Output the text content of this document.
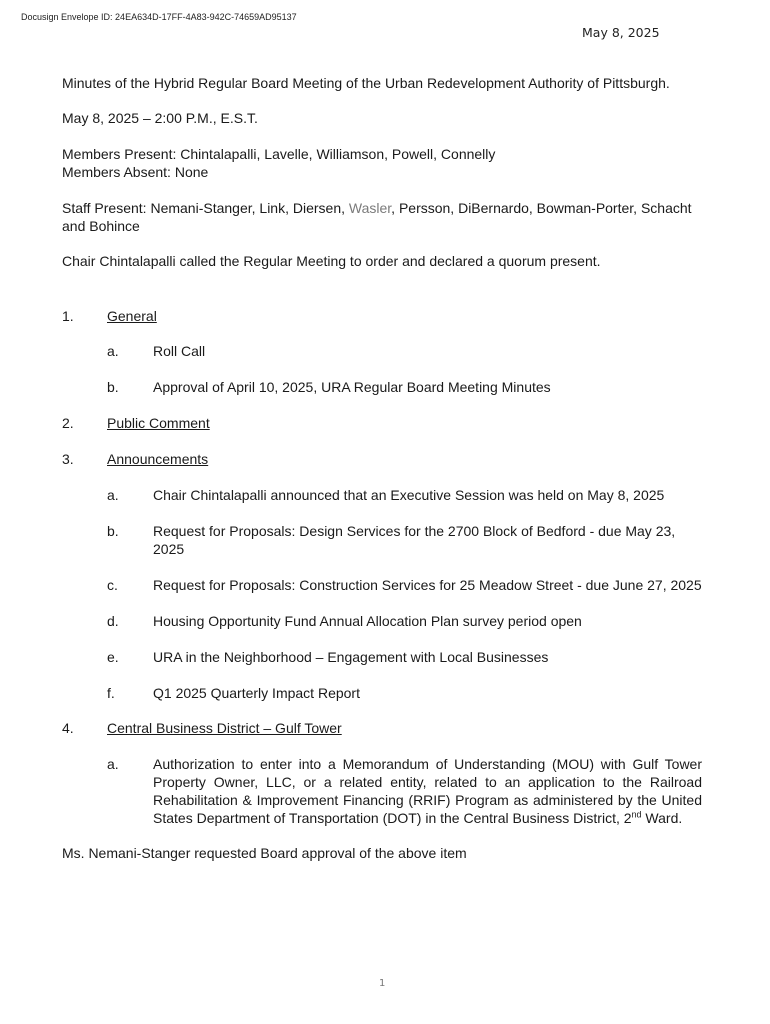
Docusign Envelope ID: 24EA634D-17FF-4A83-942C-74659AD95137
May 8, 2025

Minutes of the Hybrid Regular Board Meeting of the Urban Redevelopment Authority of Pittsburgh.

May 8, 2025 – 2:00 P.M., E.S.T.

Members Present: Chintalapalli, Lavelle, Williamson, Powell, Connelly

Members Absent: None

Staff Present: Nemani-Stanger, Link, Diersen, Wasler, Persson, DiBernardo, Bowman-Porter, Schacht and Bohince

Chair Chintalapalli called the Regular Meeting to order and declared a quorum present.

1.	General
a. Roll Call
b. Approval of April 10, 2025, URA Regular Board Meeting Minutes
2.	Public Comment
3.	Announcements
a. Chair Chintalapalli announced that an Executive Session was held on May 8, 2025
b. Request for Proposals: Design Services for the 2700 Block of Bedford - due May 23, 2025
c.	Request for Proposals: Construction Services for 25 Meadow Street - due June 27, 2025
d. Housing Opportunity Fund Annual Allocation Plan survey period open
e. URA in the Neighborhood – Engagement with Local Businesses
f.	Q1 2025 Quarterly Impact Report
4.	Central Business District – Gulf Tower
a. Authorization to enter into a Memorandum of Understanding (MOU) with Gulf Tower Property Owner, LLC, or a related entity, related to an application to the Railroad Rehabilitation & Improvement Financing (RRIF) Program as administered by the United States Department of Transportation (DOT) in the Central Business District, 2nd Ward.

Ms. Nemani-Stanger requested Board approval of the above item

1
